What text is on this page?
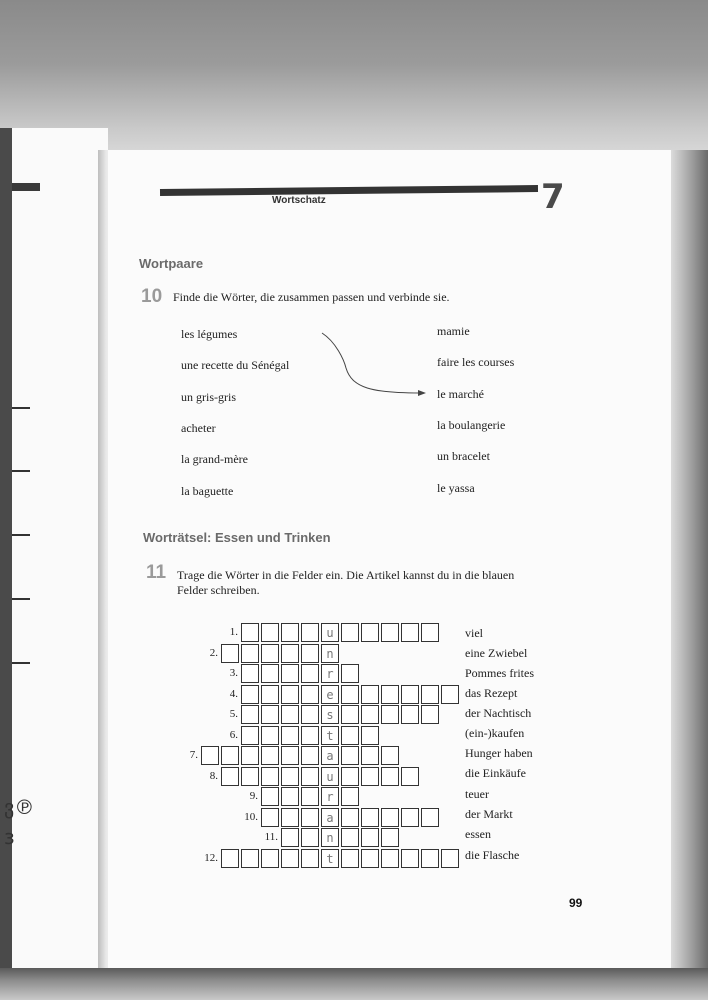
ვ℗
ɜ
Wortschatz	7
Wortpaare
10 Finde die Wörter, die zusammen passen und verbinde sie.
les légumes
une recette du Sénégal
un gris-gris
acheter
la grand-mère
la baguette
mamie
faire les courses
le marché
la boulangerie
un bracelet
le yassa
Worträtsel: Essen und Trinken
11 Trage die Wörter in die Felder ein. Die Artikel kannst du in die blauen
Felder schreiben.
1.	u
2.	n
3.	r
4.	e
5.	s
6.	t
7.	a
8.	u
9.	r
10.	a
11.	n
12.	t
viel
eine Zwiebel
Pommes frites
das Rezept
der Nachtisch
(ein-)kaufen
Hunger haben
die Einkäufe
teuer
der Markt
essen
die Flasche
99
